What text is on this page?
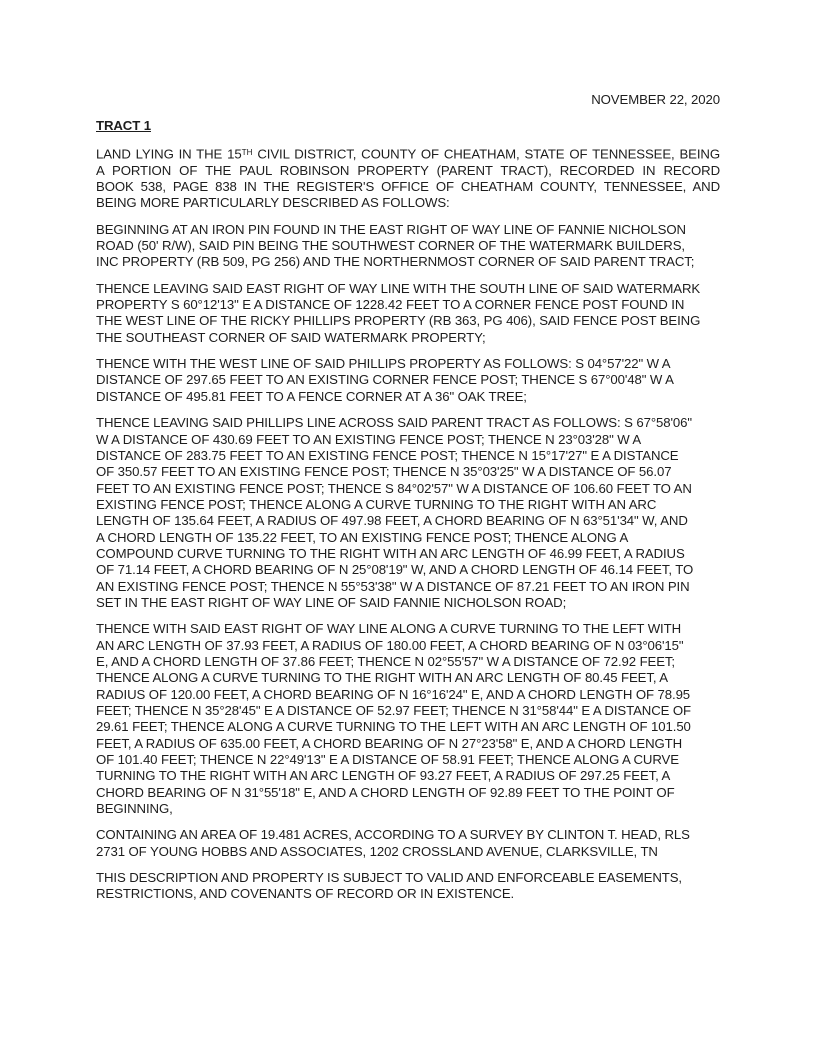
NOVEMBER 22, 2020
TRACT 1

LAND LYING IN THE 15TH CIVIL DISTRICT, COUNTY OF CHEATHAM, STATE OF TENNESSEE, BEING
A PORTION OF THE PAUL ROBINSON PROPERTY (PARENT TRACT), RECORDED IN RECORD
BOOK 538, PAGE 838 IN THE REGISTER'S OFFICE OF CHEATHAM COUNTY, TENNESSEE, AND
BEING MORE PARTICULARLY DESCRIBED AS FOLLOWS:

BEGINNING AT AN IRON PIN FOUND IN THE EAST RIGHT OF WAY LINE OF FANNIE NICHOLSON
ROAD (50' R/W), SAID PIN BEING THE SOUTHWEST CORNER OF THE WATERMARK BUILDERS,
INC PROPERTY (RB 509, PG 256) AND THE NORTHERNMOST CORNER OF SAID PARENT TRACT;

THENCE LEAVING SAID EAST RIGHT OF WAY LINE WITH THE SOUTH LINE OF SAID WATERMARK
PROPERTY S 60°12'13" E A DISTANCE OF 1228.42 FEET TO A CORNER FENCE POST FOUND IN
THE WEST LINE OF THE RICKY PHILLIPS PROPERTY (RB 363, PG 406), SAID FENCE POST BEING
THE SOUTHEAST CORNER OF SAID WATERMARK PROPERTY;

THENCE WITH THE WEST LINE OF SAID PHILLIPS PROPERTY AS FOLLOWS: S 04°57'22" W A
DISTANCE OF 297.65 FEET TO AN EXISTING CORNER FENCE POST; THENCE S 67°00'48" W A
DISTANCE OF 495.81 FEET TO A FENCE CORNER AT A 36" OAK TREE;

THENCE LEAVING SAID PHILLIPS LINE ACROSS SAID PARENT TRACT AS FOLLOWS: S 67°58'06"
W A DISTANCE OF 430.69 FEET TO AN EXISTING FENCE POST; THENCE N 23°03'28" W A
DISTANCE OF 283.75 FEET TO AN EXISTING FENCE POST; THENCE N 15°17'27" E A DISTANCE
OF 350.57 FEET TO AN EXISTING FENCE POST; THENCE N 35°03'25" W A DISTANCE OF 56.07
FEET TO AN EXISTING FENCE POST; THENCE S 84°02'57" W A DISTANCE OF 106.60 FEET TO AN
EXISTING FENCE POST; THENCE ALONG A CURVE TURNING TO THE RIGHT WITH AN ARC
LENGTH OF 135.64 FEET, A RADIUS OF 497.98 FEET, A CHORD BEARING OF N 63°51'34" W, AND
A CHORD LENGTH OF 135.22 FEET, TO AN EXISTING FENCE POST; THENCE ALONG A
COMPOUND CURVE TURNING TO THE RIGHT WITH AN ARC LENGTH OF 46.99 FEET, A RADIUS
OF 71.14 FEET, A CHORD BEARING OF N 25°08'19" W, AND A CHORD LENGTH OF 46.14 FEET, TO
AN EXISTING FENCE POST; THENCE N 55°53'38" W A DISTANCE OF 87.21 FEET TO AN IRON PIN
SET IN THE EAST RIGHT OF WAY LINE OF SAID FANNIE NICHOLSON ROAD;

THENCE WITH SAID EAST RIGHT OF WAY LINE ALONG A CURVE TURNING TO THE LEFT WITH
AN ARC LENGTH OF 37.93 FEET, A RADIUS OF 180.00 FEET, A CHORD BEARING OF N 03°06'15"
E, AND A CHORD LENGTH OF 37.86 FEET; THENCE N 02°55'57" W A DISTANCE OF 72.92 FEET;
THENCE ALONG A CURVE TURNING TO THE RIGHT WITH AN ARC LENGTH OF 80.45 FEET, A
RADIUS OF 120.00 FEET, A CHORD BEARING OF N 16°16'24" E, AND A CHORD LENGTH OF 78.95
FEET; THENCE N 35°28'45" E A DISTANCE OF 52.97 FEET; THENCE N 31°58'44" E A DISTANCE OF
29.61 FEET; THENCE ALONG A CURVE TURNING TO THE LEFT WITH AN ARC LENGTH OF 101.50
FEET, A RADIUS OF 635.00 FEET, A CHORD BEARING OF N 27°23'58" E, AND A CHORD LENGTH
OF 101.40 FEET; THENCE N 22°49'13" E A DISTANCE OF 58.91 FEET; THENCE ALONG A CURVE
TURNING TO THE RIGHT WITH AN ARC LENGTH OF 93.27 FEET, A RADIUS OF 297.25 FEET, A
CHORD BEARING OF N 31°55'18" E, AND A CHORD LENGTH OF 92.89 FEET TO THE POINT OF
BEGINNING,

CONTAINING AN AREA OF 19.481 ACRES, ACCORDING TO A SURVEY BY CLINTON T. HEAD, RLS
2731 OF YOUNG HOBBS AND ASSOCIATES, 1202 CROSSLAND AVENUE, CLARKSVILLE, TN

THIS DESCRIPTION AND PROPERTY IS SUBJECT TO VALID AND ENFORCEABLE EASEMENTS,
RESTRICTIONS, AND COVENANTS OF RECORD OR IN EXISTENCE.
